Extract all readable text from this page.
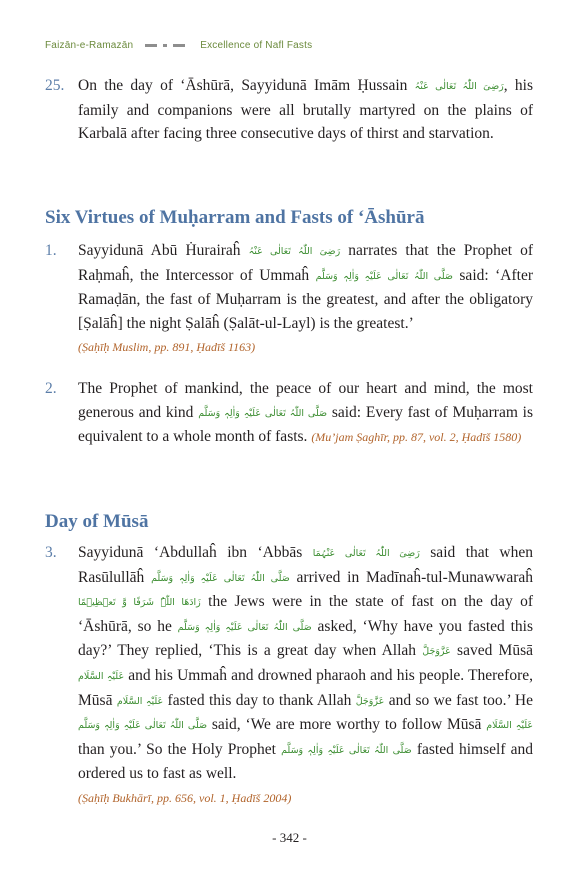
Faizān-e-Ramazān	Excellence of Nafl Fasts
25. On the day of ‘Āshūrā, Sayyidunā Imām Ḥussain رَضِیَ اللّٰہُ تَعَالٰی عَنْہُ, his family and companions were all brutally martyred on the plains of Karbalā after facing three consecutive days of thirst and starvation.
Six Virtues of Muḥarram and Fasts of ‘Āshūrā
1.	Sayyidunā Abū Ḣurairaĥ رَضِیَ اللّٰہُ تَعَالٰی عَنْہُ narrates that the Prophet of Raḥmaĥ, the Intercessor of Ummaĥ صَلَّی اللّٰہُ تَعَالٰی عَلَیْہِ وَاٰلِہٖ وَسَلَّم said: ‘After Ramaḍān, the fast of Muḥarram is the greatest, and after the obligatory [Ṣalāĥ] the night Ṣalāĥ (Ṣalāt-ul-Layl) is the greatest.’
(Ṣaḥīḥ Muslim, pp. 891, Ḥadīš 1163)
2.	The Prophet of mankind, the peace of our heart and mind, the most generous and kind صَلَّی اللّٰہُ تَعَالٰی عَلَیْہِ وَاٰلِہٖ وَسَلَّم said: Every fast of Muḥarram is equivalent to a whole month of fasts. (Mu’jam Ṣaghīr, pp. 87, vol. 2, Ḥadīš 1580)
Day of Mūsā
3.	Sayyidunā ‘Abdullaĥ ibn ‘Abbās رَضِیَ اللّٰہُ تَعَالٰی عَنْہُمَا said that when Rasūlullāĥ صَلَّی اللّٰہُ تَعَالٰی عَلَیْہِ وَاٰلِہٖ وَسَلَّم arrived in Madīnaĥ-tul-Munawwaraĥ زَادَھَا اللّٰہُ شَرَفًا وَّ تَعۡظِیۡمًا the Jews were in the state of fast on the day of ‘Āshūrā, so he صَلَّی اللّٰہُ تَعَالٰی عَلَیْہِ وَاٰلِہٖ وَسَلَّم asked, ‘Why have you fasted this day?’ They replied, ‘This is a great day when Allah عَزَّوَجَلَّ saved Mūsā عَلَیْہِ السَّلَام and his Ummaĥ and drowned pharaoh and his people. Therefore, Mūsā عَلَیْہِ السَّلَام fasted this day to thank Allah عَزَّوَجَلَّ and so we fast too.’ He صَلَّی اللّٰہُ تَعَالٰی عَلَیْہِ وَاٰلِہٖ وَسَلَّم said, ‘We are more worthy to follow Mūsā عَلَیْہِ السَّلَام than you.’ So the Holy Prophet صَلَّی اللّٰہُ تَعَالٰی عَلَیْہِ وَاٰلِہٖ وَسَلَّم fasted himself and ordered us to fast as well.
(Ṣaḥīḥ Bukhārī, pp. 656, vol. 1, Ḥadīš 2004)
- 342 -
